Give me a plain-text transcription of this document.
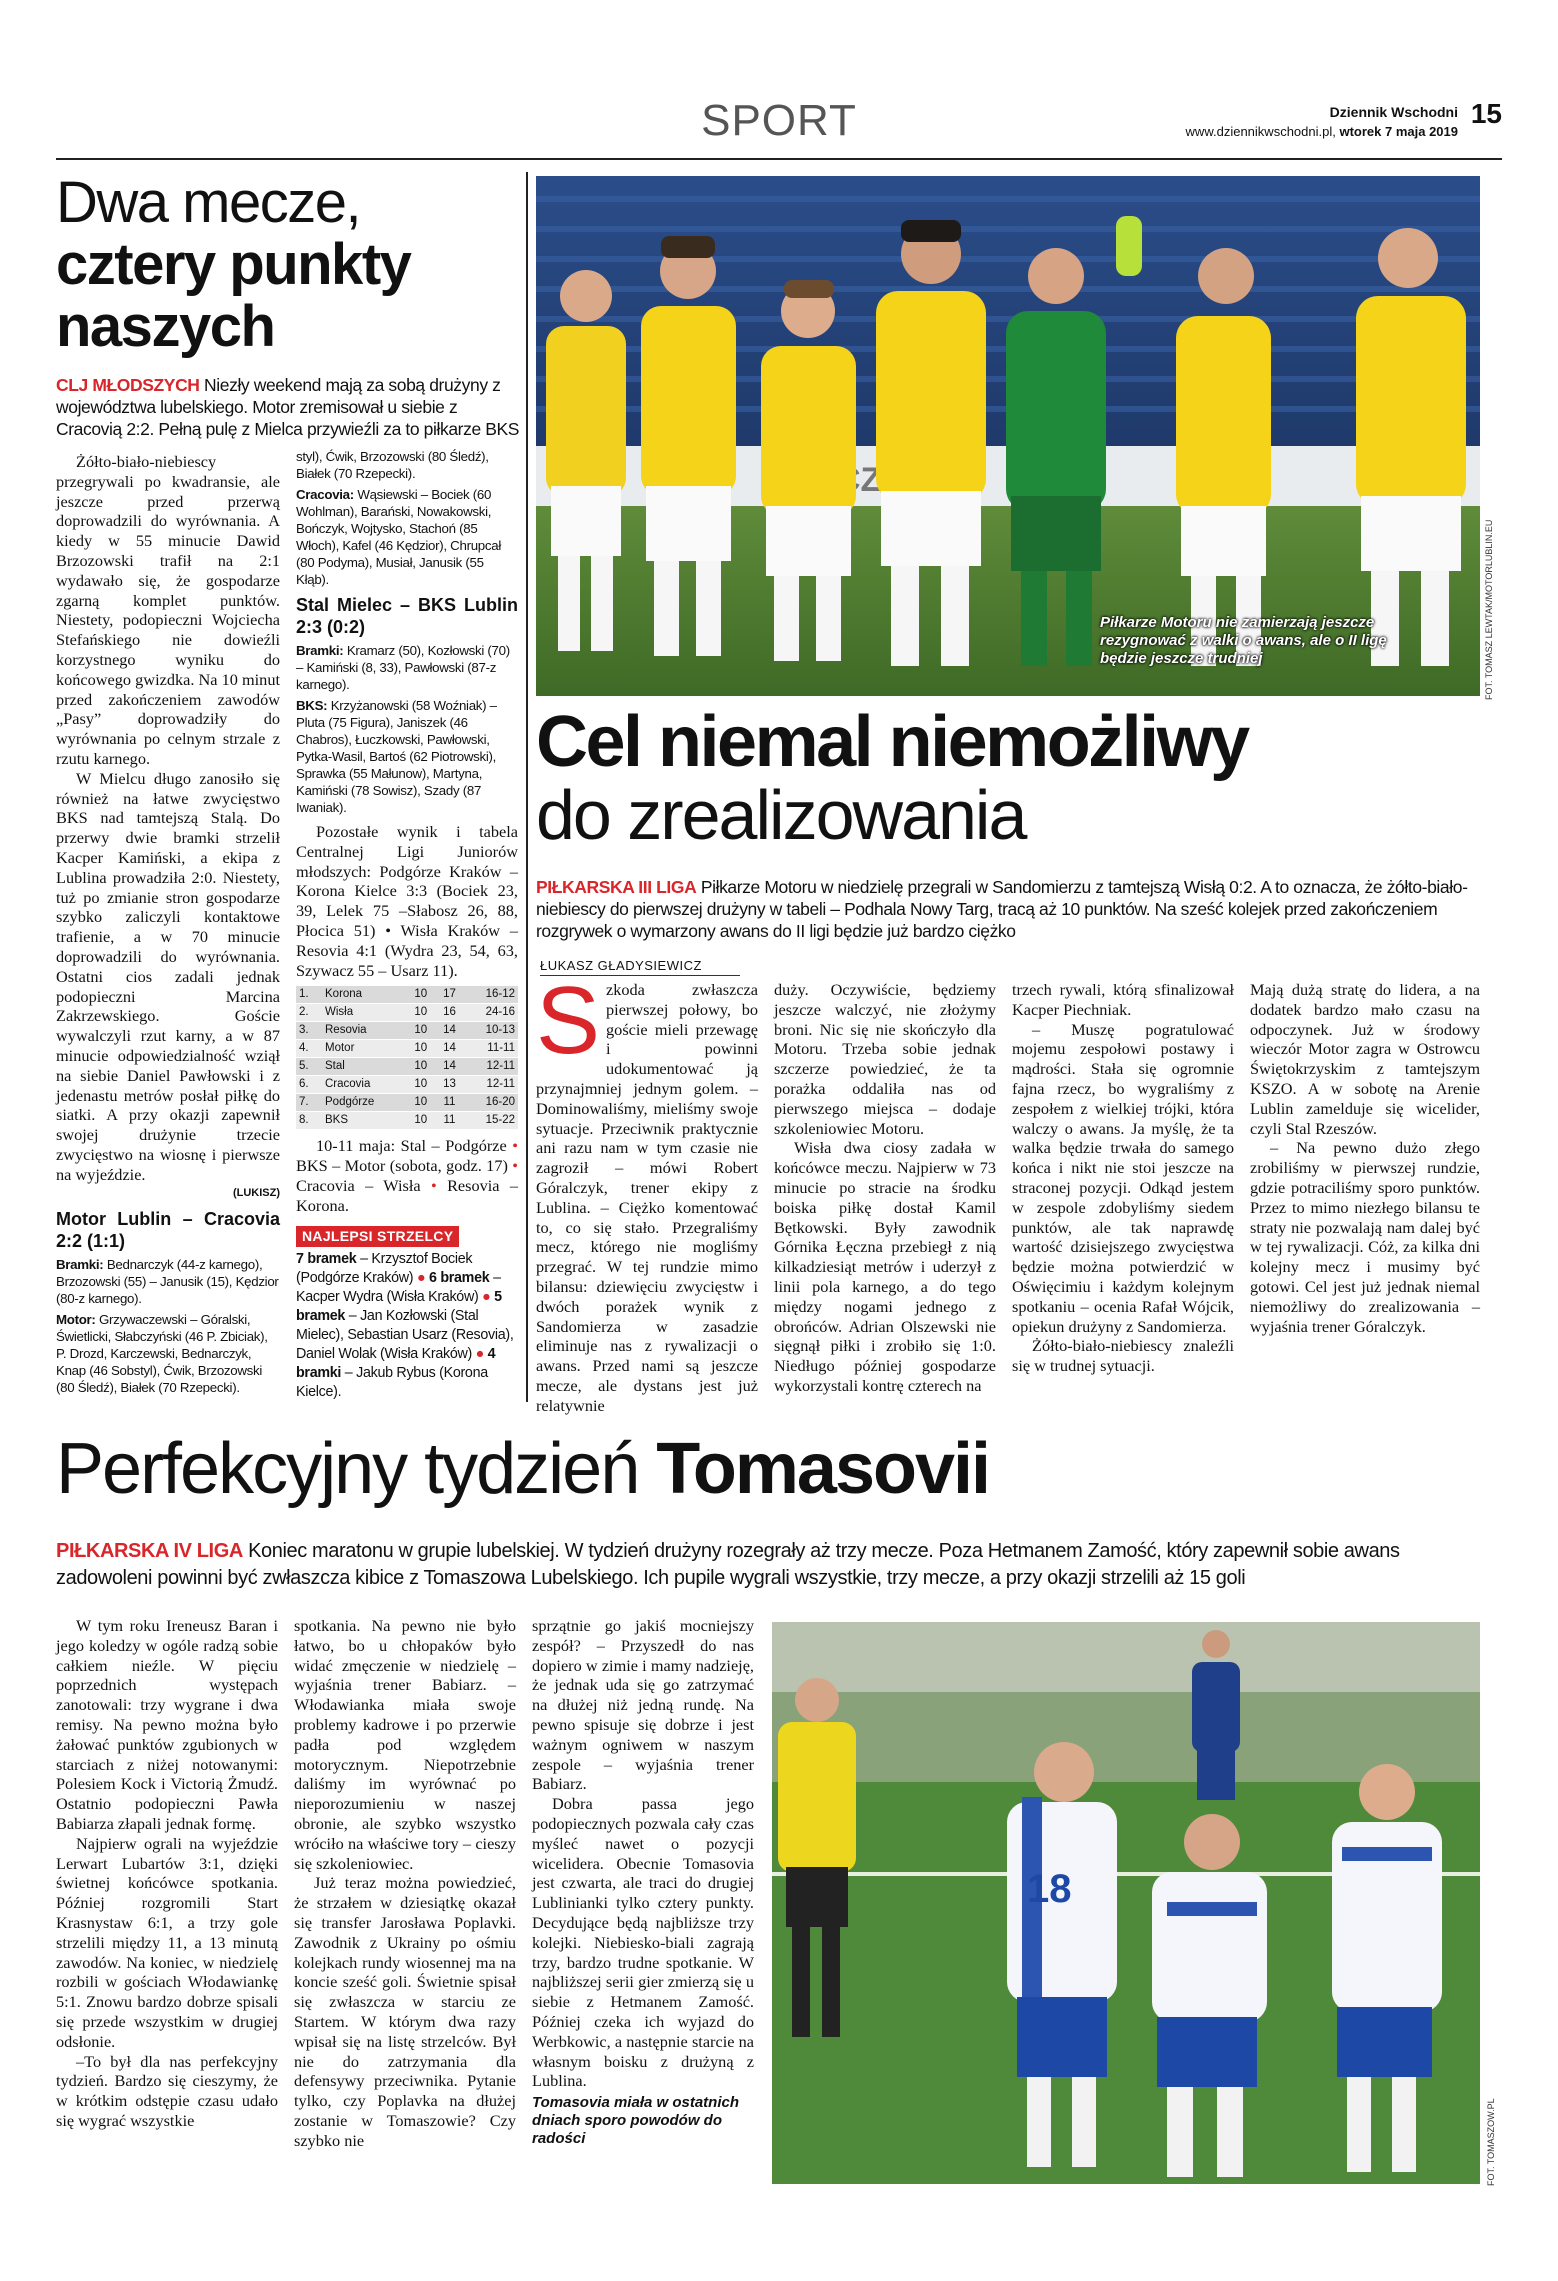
SPORT	15
Dziennik Wschodni
www.dziennikwschodni.pl, wtorek 7 maja 2019
Dwa mecze,
cztery punkty
naszych
CLJ MŁODSZYCH Niezły weekend mają za sobą drużyny z województwa lubelskiego. Motor zremisował u siebie z Cracovią 2:2. Pełną pulę z Mielca przywieźli za to piłkarze BKS

Żółto-biało-niebiescy przegrywali po kwadransie, ale jeszcze przed przerwą doprowadzili do wyrównania. A kiedy w 55 minucie Dawid Brzozowski trafił na 2:1 wydawało się, że gospodarze zgarną komplet punktów. Niestety, podopieczni Wojciecha Stefańskiego nie dowieźli korzystnego wyniku do końcowego gwizdka. Na 10 minut przed zakończeniem zawodów „Pasy” doprowadziły do wyrównania po celnym strzale z rzutu karnego.

W Mielcu długo zanosiło się również na łatwe zwycięstwo BKS nad tamtejszą Stalą. Do przerwy dwie bramki strzelił Kacper Kamiński, a ekipa z Lublina prowadziła 2:0. Niestety, tuż po zmianie stron gospodarze szybko zaliczyli kontaktowe trafienie, a w 70 minucie doprowadzili do wyrównania. Ostatni cios zadali jednak podopieczni Marcina Zakrzewskiego. Goście wywalczyli rzut karny, a w 87 minucie odpowiedzialność wziął na siebie Daniel Pawłowski i z jedenastu metrów posłał piłkę do siatki. A przy okazji zapewnił swojej drużynie trzecie zwycięstwo na wiosnę i pierwsze na wyjeździe.

(LUKISZ)
Motor Lublin – Cracovia 2:2 (1:1)
Bramki: Bednarczyk (44-z karnego), Brzozowski (55) – Janusik (15), Kędzior (80-z karnego).
Motor: Grzywaczewski – Góralski, Świetlicki, Słabczyński (46 P. Zbiciak), P. Drozd, Karczewski, Bednarczyk, Knap (46 Sobstyl), Ćwik, Brzozowski (80 Śledź), Białek (70 Rzepecki).
styl), Ćwik, Brzozowski (80 Śledź), Białek (70 Rzepecki).
Cracovia: Wąsiewski – Bociek (60 Wohlman), Barański, Nowakowski, Bończyk, Wojtysko, Stachoń (85 Włoch), Kafel (46 Kędzior), Chrupcał (80 Podyma), Musiał, Janusik (55 Kłąb).
Stal Mielec – BKS Lublin 2:3 (0:2)
Bramki: Kramarz (50), Kozłowski (70) – Kamiński (8, 33), Pawłowski (87-z karnego).
BKS: Krzyżanowski (58 Woźniak) – Pluta (75 Figura), Janiszek (46 Chabros), Łuczkowski, Pawłowski, Pytka-Wasil, Bartoś (62 Piotrowski), Sprawka (55 Małunow), Martyna, Kamiński (78 Sowisz), Szady (87 Iwaniak).

Pozostałe wynik i tabela Centralnej Ligi Juniorów młodszych: Podgórze Kraków – Korona Kielce 3:3 (Bociek 23, 39, Lelek 75 –Słabosz 26, 88, Płocica 51) • Wisła Kraków – Resovia 4:1 (Wydra 23, 54, 63, Szywacz 55 – Usarz 11).

1.	Korona	10	17	16-12
2.	Wisła	10	16	24-16
3.	Resovia	10	14	10-13
4.	Motor	10	14	11-11
5.	Stal	10	14	12-11
6.	Cracovia	10	13	12-11
7.	Podgórze	10	11	16-20
8.	BKS	10	11	15-22

10-11 maja: Stal – Podgórze • BKS – Motor (sobota, godz. 17) • Cracovia – Wisła • Resovia – Korona.

NAJLEPSI STRZELCY
7 bramek – Krzysztof Bociek (Podgórze Kraków) ● 6 bramek – Kacper Wydra (Wisła Kraków) ● 5 bramek – Jan Kozłowski (Stal Mielec), Sebastian Usarz (Resovia), Daniel Wolak (Wisła Kraków) ● 4 bramki – Jakub Rybus (Korona Kielce).
Piłkarze Motoru nie zamierzają jeszcze rezygnować z walki o awans, ale o II ligę będzie jeszcze trudniej	FOT. TOMASZ LEWTAK/MOTORLUBLIN.EU
Cel niemal niemożliwy
do zrealizowania
PIŁKARSKA III LIGA Piłkarze Motoru w niedzielę przegrali w Sandomierzu z tamtejszą Wisłą 0:2. A to oznacza, że żółto-biało-niebiescy do pierwszej drużyny w tabeli – Podhala Nowy Targ, tracą aż 10 punktów. Na sześć kolejek przed zakończeniem rozgrywek o wymarzony awans do II ligi będzie już bardzo ciężko
ŁUKASZ GŁADYSIEWICZ
S zkoda zwłaszcza pierwszej połowy, bo goście mieli przewagę i powinni udokumentować ją przynajmniej jednym golem. – Dominowaliśmy, mieliśmy swoje sytuacje. Przeciwnik praktycznie ani razu nam w tym czasie nie zagroził – mówi Robert Góralczyk, trener ekipy z Lublina. – Ciężko komentować to, co się stało. Przegraliśmy mecz, którego nie mogliśmy przegrać. W tej rundzie mimo bilansu: dziewięciu zwycięstw i dwóch porażek wynik z Sandomierza w zasadzie eliminuje nas z rywalizacji o awans. Przed nami są jeszcze mecze, ale dystans jest już relatywnie

duży. Oczywiście, będziemy jeszcze walczyć, nie złożymy broni. Nic się nie skończyło dla Motoru. Trzeba sobie jednak szczerze powiedzieć, że ta porażka oddaliła nas od pierwszego miejsca – dodaje szkoleniowiec Motoru.

Wisła dwa ciosy zadała w końcówce meczu. Najpierw w 73 minucie po stracie na środku boiska piłkę dostał Kamil Bętkowski. Były zawodnik Górnika Łęczna przebiegł z nią kilkadziesiąt metrów i uderzył z linii pola karnego, a do tego między nogami jednego z obrońców. Adrian Olszewski nie sięgnął piłki i zrobiło się 1:0. Niedługo później gospodarze wykorzystali kontrę czterech na

trzech rywali, którą sfinalizował Kacper Piechniak.

– Muszę pogratulować mojemu zespołowi postawy i mądrości. Stała się ogromnie fajna rzecz, bo wygraliśmy z zespołem z wielkiej trójki, która walczy o awans. Ja myślę, że ta walka będzie trwała do samego końca i nikt nie stoi jeszcze na straconej pozycji. Odkąd jestem w zespole zdobyliśmy siedem punktów, ale tak naprawdę wartość dzisiejszego zwycięstwa będzie można potwierdzić w Oświęcimiu i każdym kolejnym spotkaniu – ocenia Rafał Wójcik, opiekun drużyny z Sandomierza.

Żółto-biało-niebiescy znaleźli się w trudnej sytuacji.

Mają dużą stratę do lidera, a na dodatek bardzo mało czasu na odpoczynek. Już w środowy wieczór Motor zagra w Ostrowcu Świętokrzyskim z tamtejszym KSZO. A w sobotę na Arenie Lublin zamelduje się wicelider, czyli Stal Rzeszów.

– Na pewno dużo złego zrobiliśmy w pierwszej rundzie, gdzie potraciliśmy sporo punktów. Przez to mimo niezłego bilansu te straty nie pozwalają nam dalej być w tej rywalizacji. Cóż, za kilka dni kolejny mecz i musimy być gotowi. Cel jest już jednak niemal niemożliwy do zrealizowania – wyjaśnia trener Góralczyk.

Perfekcyjny tydzień Tomasovii
PIŁKARSKA IV LIGA Koniec maratonu w grupie lubelskiej. W tydzień drużyny rozegrały aż trzy mecze. Poza Hetmanem Zamość, który zapewnił sobie awans zadowoleni powinni być zwłaszcza kibice z Tomaszowa Lubelskiego. Ich pupile wygrali wszystkie, trzy mecze, a przy okazji strzelili aż 15 goli

W tym roku Ireneusz Baran i jego koledzy w ogóle radzą sobie całkiem nieźle. W pięciu poprzednich występach zanotowali: trzy wygrane i dwa remisy. Na pewno można było żałować punktów zgubionych w starciach z niżej notowanymi: Polesiem Kock i Victorią Żmudź. Ostatnio podopieczni Pawła Babiarza złapali jednak formę.

Najpierw ograli na wyjeździe Lerwart Lubartów 3:1, dzięki świetnej końcówce spotkania. Później rozgromili Start Krasnystaw 6:1, a trzy gole strzelili między 11, a 13 minutą zawodów. Na koniec, w niedzielę rozbili w gościach Włodawiankę 5:1. Znowu bardzo dobrze spisali się przede wszystkim w drugiej odsłonie.

–To był dla nas perfekcyjny tydzień. Bardzo się cieszymy, że w krótkim odstępie czasu udało się wygrać wszystkie

spotkania. Na pewno nie było łatwo, bo u chłopaków było widać zmęczenie w niedzielę – wyjaśnia trener Babiarz. – Włodawianka miała swoje problemy kadrowe i po przerwie padła pod względem motorycznym. Niepotrzebnie daliśmy im wyrównać po nieporozumieniu w naszej obronie, ale szybko wszystko wróciło na właściwe tory – cieszy się szkoleniowiec.

Już teraz można powiedzieć, że strzałem w dziesiątkę okazał się transfer Jarosława Poplavki. Zawodnik z Ukrainy po ośmiu kolejkach rundy wiosennej ma na koncie sześć goli. Świetnie spisał się zwłaszcza w starciu ze Startem. W którym dwa razy wpisał się na listę strzelców. Był nie do zatrzymania dla defensywy przeciwnika. Pytanie tylko, czy Poplavka na dłużej zostanie w Tomaszowie? Czy szybko nie

sprzątnie go jakiś mocniejszy zespół? – Przyszedł do nas dopiero w zimie i mamy nadzieję, że jednak uda się go zatrzymać na dłużej niż jedną rundę. Na pewno spisuje się dobrze i jest ważnym ogniwem w naszym zespole – wyjaśnia trener Babiarz.

Dobra passa jego podopiecznych pozwala cały czas myśleć nawet o pozycji wicelidera. Obecnie Tomasovia jest czwarta, ale traci do drugiej Lublinianki tylko cztery punkty. Decydujące będą najbliższe trzy kolejki. Niebiesko-biali zagrają trzy, bardzo trudne spotkanie. W najbliższej serii gier zmierzą się u siebie z Hetmanem Zamość. Później czeka ich wyjazd do Werbkowic, a następnie starcie na własnym boisku z drużyną z Lublina.

Tomasovia miała w ostatnich dniach sporo powodów do radości
18
FOT. TOMASZOW.PL
